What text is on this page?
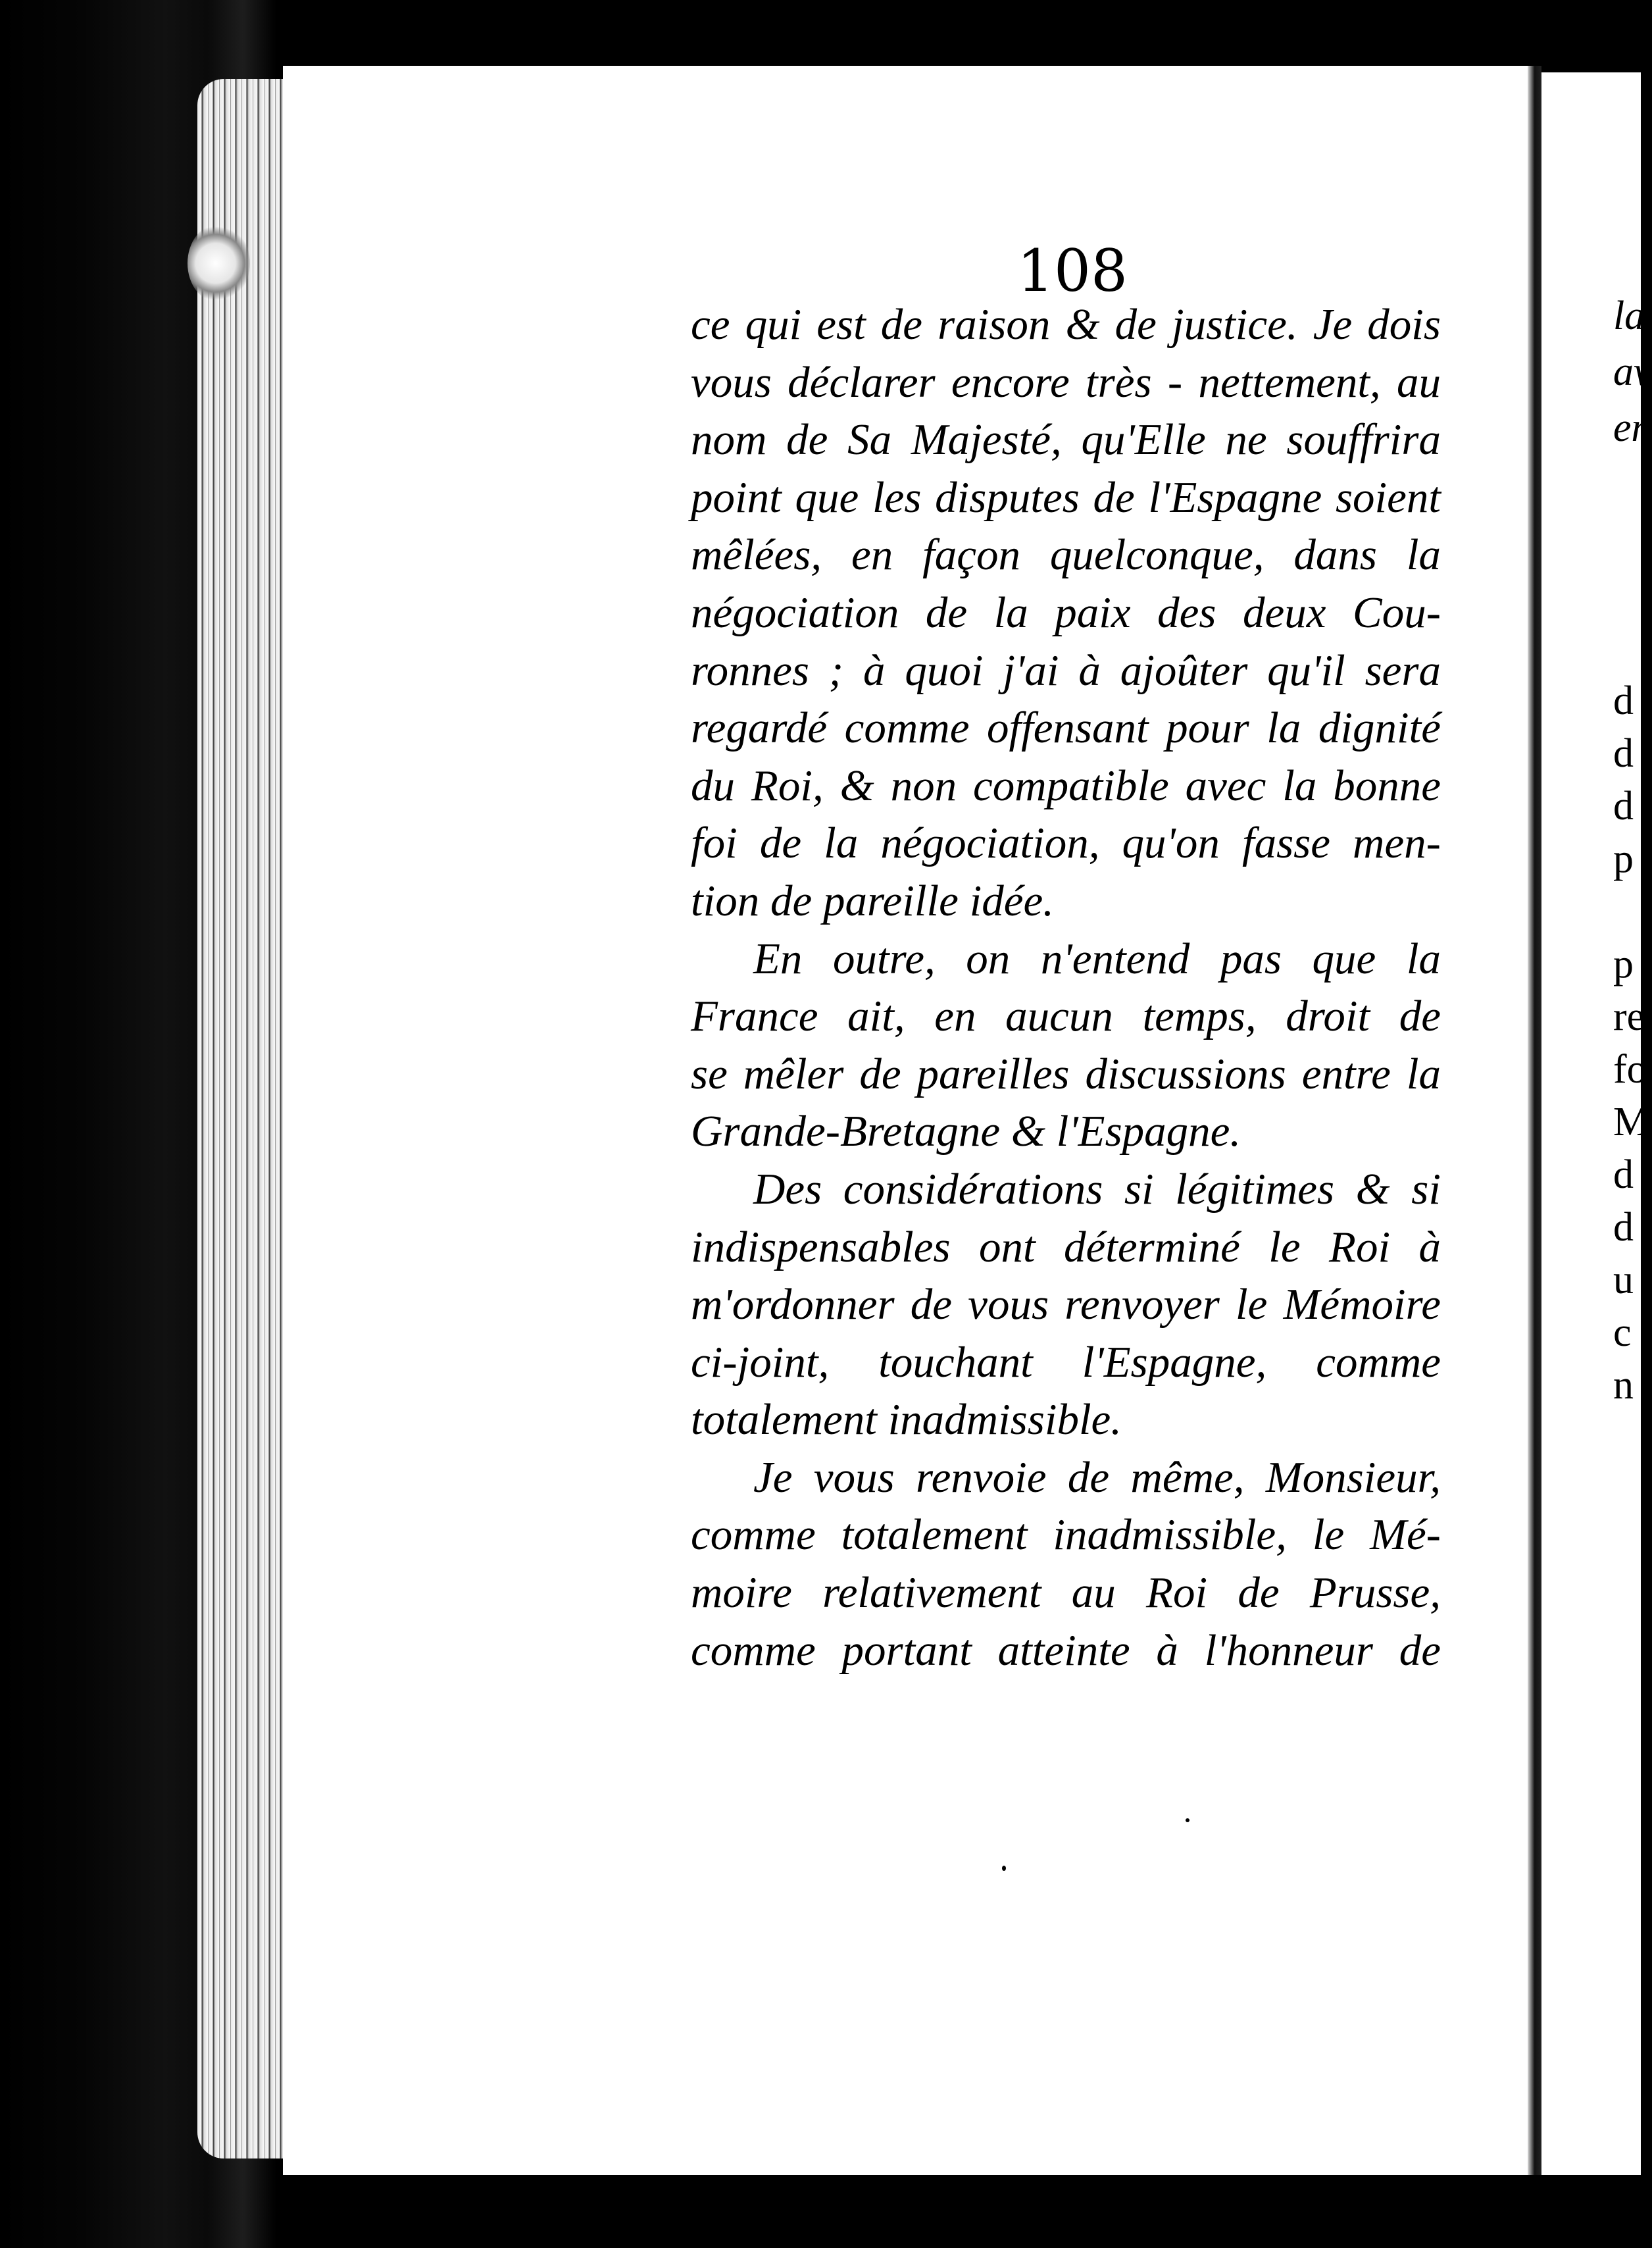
108
ce qui est de raison & de justice. Je dois
vous déclarer encore très - nettement, au
nom de Sa Majesté, qu'Elle ne souffrira
point que les disputes de l'Espagne soient
mêlées, en façon quelconque, dans la
négociation de la paix des deux Cou-
ronnes ; à quoi j'ai à ajoûter qu'il sera
regardé comme offensant pour la dignité
du Roi, & non compatible avec la bonne
foi de la négociation, qu'on fasse men-
tion de pareille idée.
En outre, on n'entend pas que la
France ait, en aucun temps, droit de
se mêler de pareilles discussions entre la
Grande-Bretagne & l'Espagne.
Des considérations si légitimes & si
indispensables ont déterminé le Roi à
m'ordonner de vous renvoyer le Mémoire
ci-joint, touchant l'Espagne, comme
totalement inadmissible.
Je vous renvoie de même, Monsieur,
comme totalement inadmissible, le Mé-
moire relativement au Roi de Prusse,
comme portant atteinte à l'honneur de
la
av
en
d
d
d
p
p
re
fo
M
d
d
u
c
n
